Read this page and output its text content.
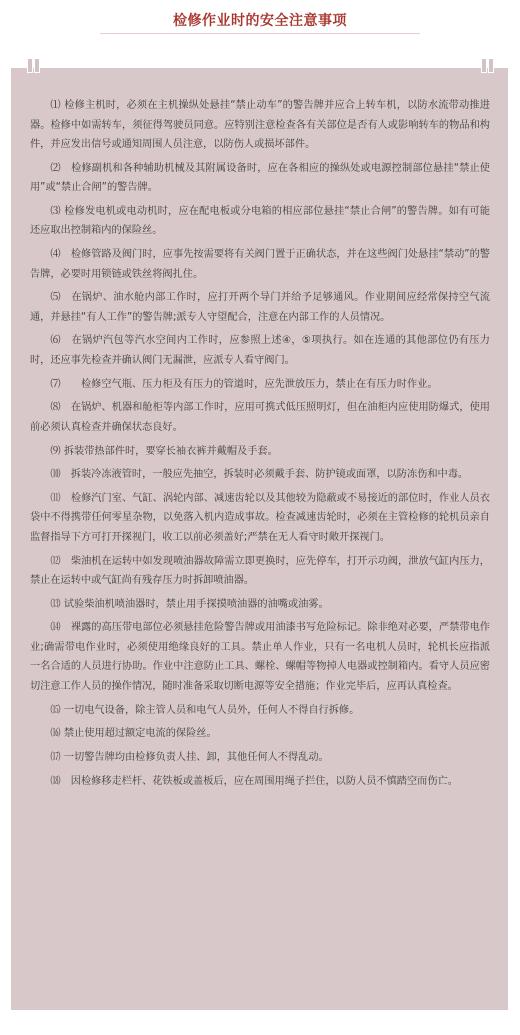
检修作业时的安全注意事项

⑴ 检修主机时，必须在主机操纵处悬挂“禁止动车”的警告牌并应合上转车机，以防水流带动推进器。检修中如需转车，须征得驾驶员同意。应特别注意检查各有关部位是否有人或影响转车的物品和构件，并应发出信号或通知周围人员注意，以防伤人或损坏部件。

⑵　检修副机和各种辅助机械及其附属设备时，应在各相应的操纵处或电源控制部位悬挂“禁止使用”或“禁止合闸”的警告牌。

⑶ 检修发电机或电动机时，应在配电板或分电箱的相应部位悬挂“禁止合闸”的警告牌。如有可能还应取出控制箱内的保险丝。

⑷　检修管路及阀门时，应事先按需要将有关阀门置于正确状态，并在这些阀门处悬挂“禁动”的警告牌，必要时用锁链或铁丝将阀扎住。

⑸　在锅炉、油水舱内部工作时，应打开两个导门并给予足够通风。作业期间应经常保持空气流通，并悬挂“有人工作”的警告牌;派专人守望配合，注意在内部工作的人员情况。

⑹　在锅炉汽包等汽水空间内工作时，应参照上述④，⑤项执行。如在连通的其他部位仍有压力时，还应事先检查并确认阀门无漏泄，应派专人看守阀门。

⑺　　检修空气瓶、压力柜及有压力的管道时，应先泄放压力，禁止在有压力时作业。

⑻　在锅炉、机器和舱柜等内部工作时，应用可携式低压照明灯，但在油柜内应使用防爆式，使用前必须认真检查并确保状态良好。

⑼ 拆装带热部件时，要穿长袖衣裤并戴帽及手套。

⑽　拆装冷冻液管时，一般应先抽空，拆装时必须戴手套、防护镜或面罩，以防冻伤和中毒。

⑾　检修汽门室、气缸、涡轮内部、减速齿轮以及其他较为隐蔽或不易接近的部位时，作业人员衣袋中不得携带任何零星杂物，以免落入机内造成事故。检查减速齿轮时，必须在主管检修的轮机员亲自监督指导下方可打开探视门，收工以前必须盖好;严禁在无人看守时敞开探视门。

⑿　柴油机在运转中如发现喷油器故障需立即更换时，应先停车，打开示功阀，泄放气缸内压力，禁止在运转中或气缸尚有残存压力时拆卸喷油器。

⒀ 试验柴油机喷油器时，禁止用手探摸喷油器的油嘴或油雾。

⒁　裸露的高压带电部位必须悬挂危险警告牌或用油漆书写危险标记。除非绝对必要，严禁带电作业;确需带电作业时，必须使用绝缘良好的工具。禁止单人作业，只有一名电机人员时，轮机长应指派一名合适的人员进行协助。作业中注意防止工具、螺栓、螺帽等物掉人电器或控制箱内。看守人员应密切注意工作人员的操作情况，随时准备采取切断电源等安全措施；作业完毕后，应再认真检查。

⒂ 一切电气设备，除主管人员和电气人员外，任何人不得自行拆修。

⒃ 禁止使用超过额定电流的保险丝。

⒄ 一切警告牌均由检修负责人挂、卸，其他任何人不得乱动。

⒅　因检修移走栏杆、花铁板或盖板后，应在周围用绳子拦住，以防人员不慎踏空而伤亡。
